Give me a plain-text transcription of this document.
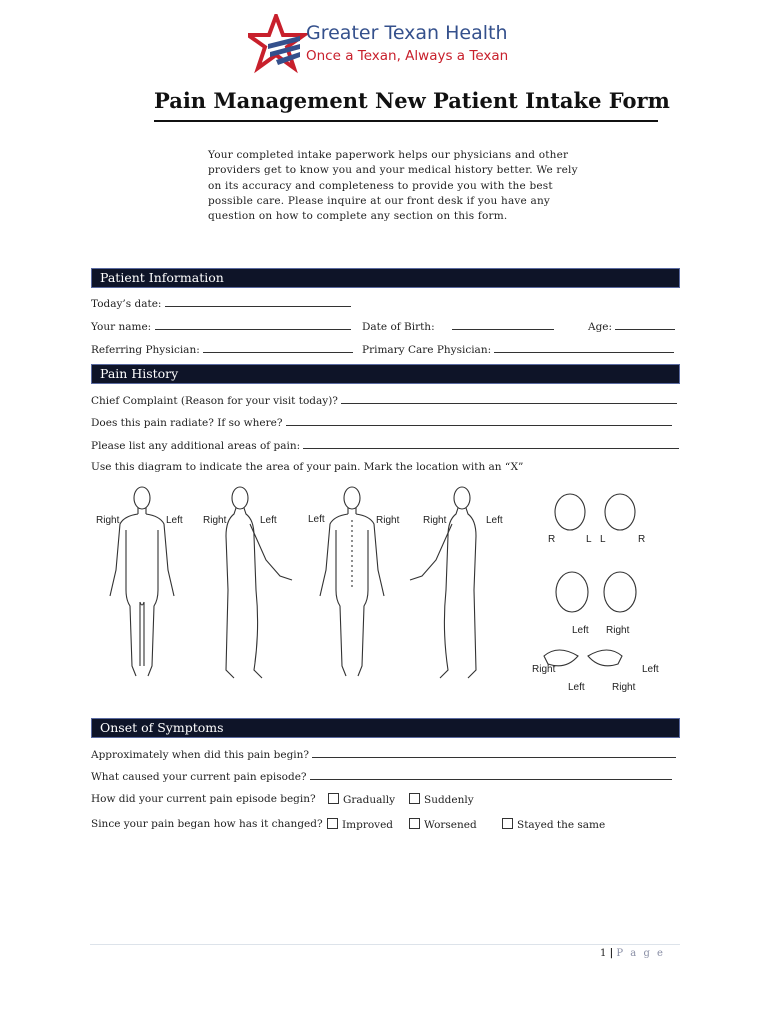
Greater Texan Health
Once a Texan, Always a Texan
Pain Management New Patient Intake Form
Your completed intake paperwork helps our physicians and other providers get to know you and your medical history better. We rely on its accuracy and completeness to provide you with the best possible care. Please inquire at our front desk if you have any question on how to complete any section on this form.
Patient Information
Today’s date:
Your name:	Date of Birth:	Age:
Referring Physician:	Primary Care Physician:
Pain History
Chief Complaint (Reason for your visit today)?
Does this pain radiate? If so where?
Please list any additional areas of pain:
Use this diagram to indicate the area of your pain. Mark the location with an “X”
Right	Left Right	Left	Left	Right Right	Left
R	L L	R
Left Right
Right	Left
Left	Right
Onset of Symptoms
Approximately when did this pain begin?
What caused your current pain episode?
How did your current pain episode begin?	Gradually	Suddenly
Since your pain began how has it changed?	Improved	Worsened	Stayed the same
1 | P a g e
